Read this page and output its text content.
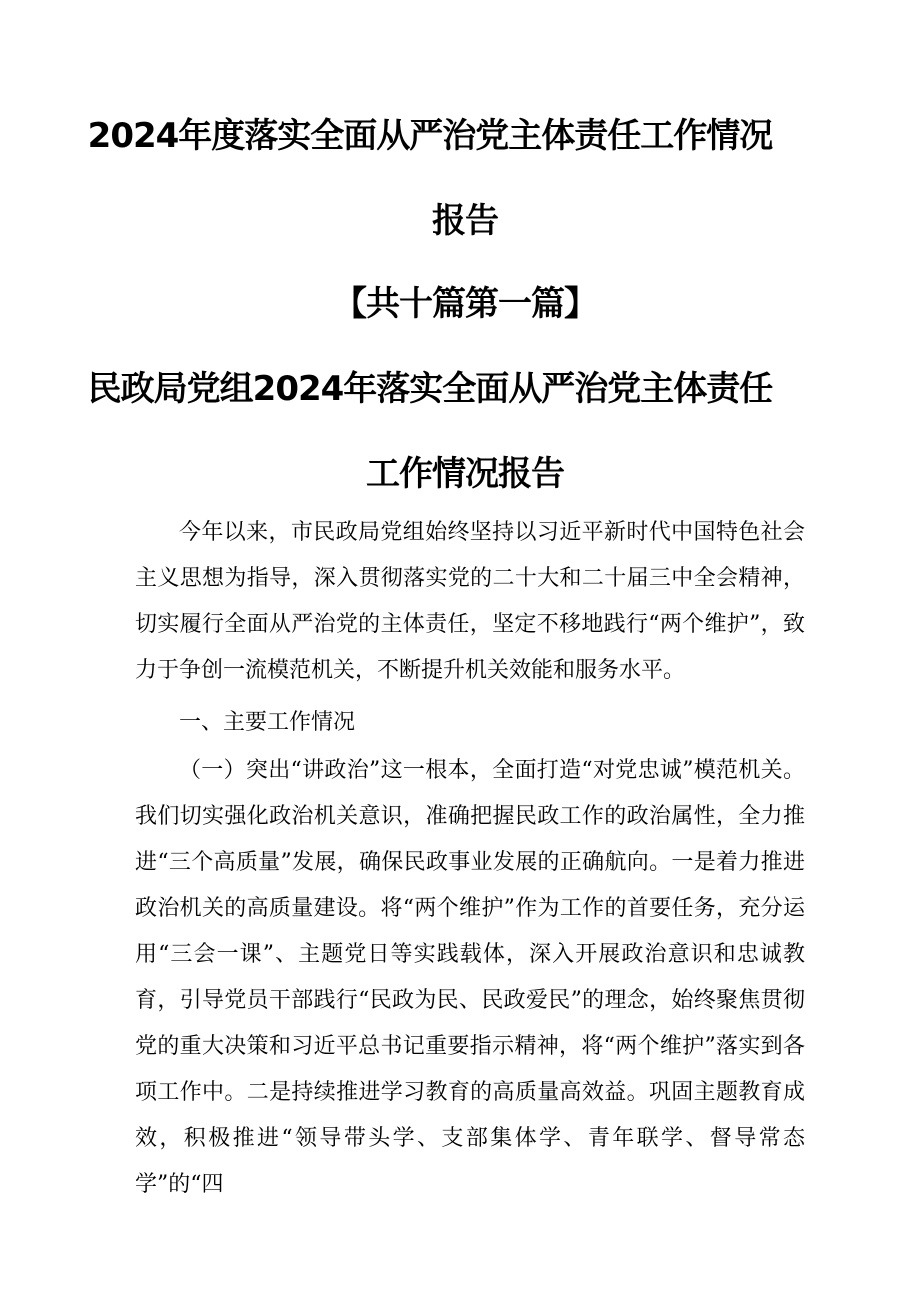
2024年度落实全面从严治党主体责任工作情况
报告
【共十篇第一篇】
民政局党组2024年落实全面从严治党主体责任
工作情况报告

今年以来，市民政局党组始终坚持以习近平新时代中国特色社会主义思想为指导，深入贯彻落实党的二十大和二十届三中全会精神，切实履行全面从严治党的主体责任，坚定不移地践行“两个维护”，致力于争创一流模范机关，不断提升机关效能和服务水平。

一、主要工作情况

（一）突出“讲政治”这一根本，全面打造“对党忠诚”模范机关。我们切实强化政治机关意识，准确把握民政工作的政治属性，全力推进“三个高质量”发展，确保民政事业发展的正确航向。一是着力推进政治机关的高质量建设。将“两个维护”作为工作的首要任务，充分运用“三会一课”、主题党日等实践载体，深入开展政治意识和忠诚教育，引导党员干部践行“民政为民、民政爱民”的理念，始终聚焦贯彻党的重大决策和习近平总书记重要指示精神，将“两个维护”落实到各项工作中。二是持续推进学习教育的高质量高效益。巩固主题教育成效，积极推进“领导带头学、支部集体学、青年联学、督导常态学”的“四
